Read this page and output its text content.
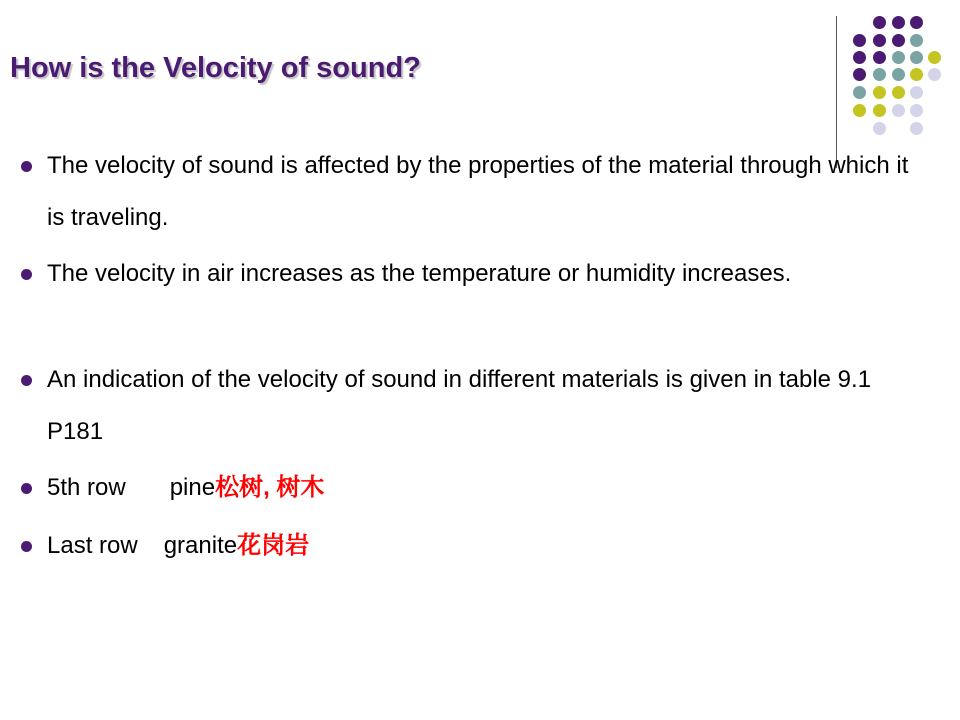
How is the Velocity of sound?
The velocity of sound is affected by the properties of the material through which it is traveling.
The velocity in air increases as the temperature or humidity increases.
An indication of the velocity of sound in different materials is given in table 9.1P181
5th row pine松树, 树木
Last row granite花岗岩
